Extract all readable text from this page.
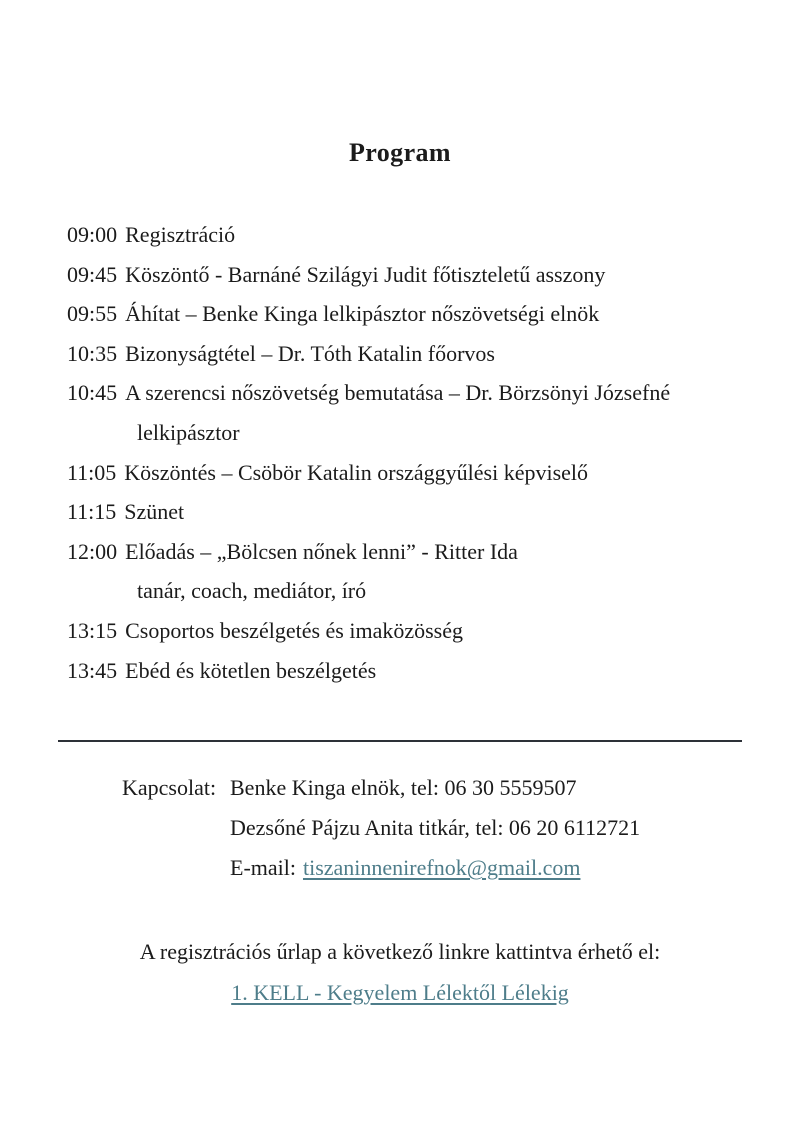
Program
09:00 Regisztráció
09:45 Köszöntő - Barnáné Szilágyi Judit főtiszteletű asszony
09:55 Áhítat – Benke Kinga lelkipásztor nőszövetségi elnök
10:35 Bizonyságtétel – Dr. Tóth Katalin főorvos
10:45 A szerencsi nőszövetség bemutatása – Dr. Börzsönyi Józsefné
lelkipásztor
11:05 Köszöntés – Csöbör Katalin országgyűlési képviselő
11:15 Szünet
12:00 Előadás – „Bölcsen nőnek lenni” - Ritter Ida
tanár, coach, mediátor, író
13:15 Csoportos beszélgetés és imaközösség
13:45 Ebéd és kötetlen beszélgetés
Kapcsolat: Benke Kinga elnök, tel: 06 30 5559507
Dezsőné Pájzu Anita titkár, tel: 06 20 6112721
E-mail: tiszaninnenirefnok@gmail.com
A regisztrációs űrlap a következő linkre kattintva érhető el:
1. KELL - Kegyelem Lélektől Lélekig
